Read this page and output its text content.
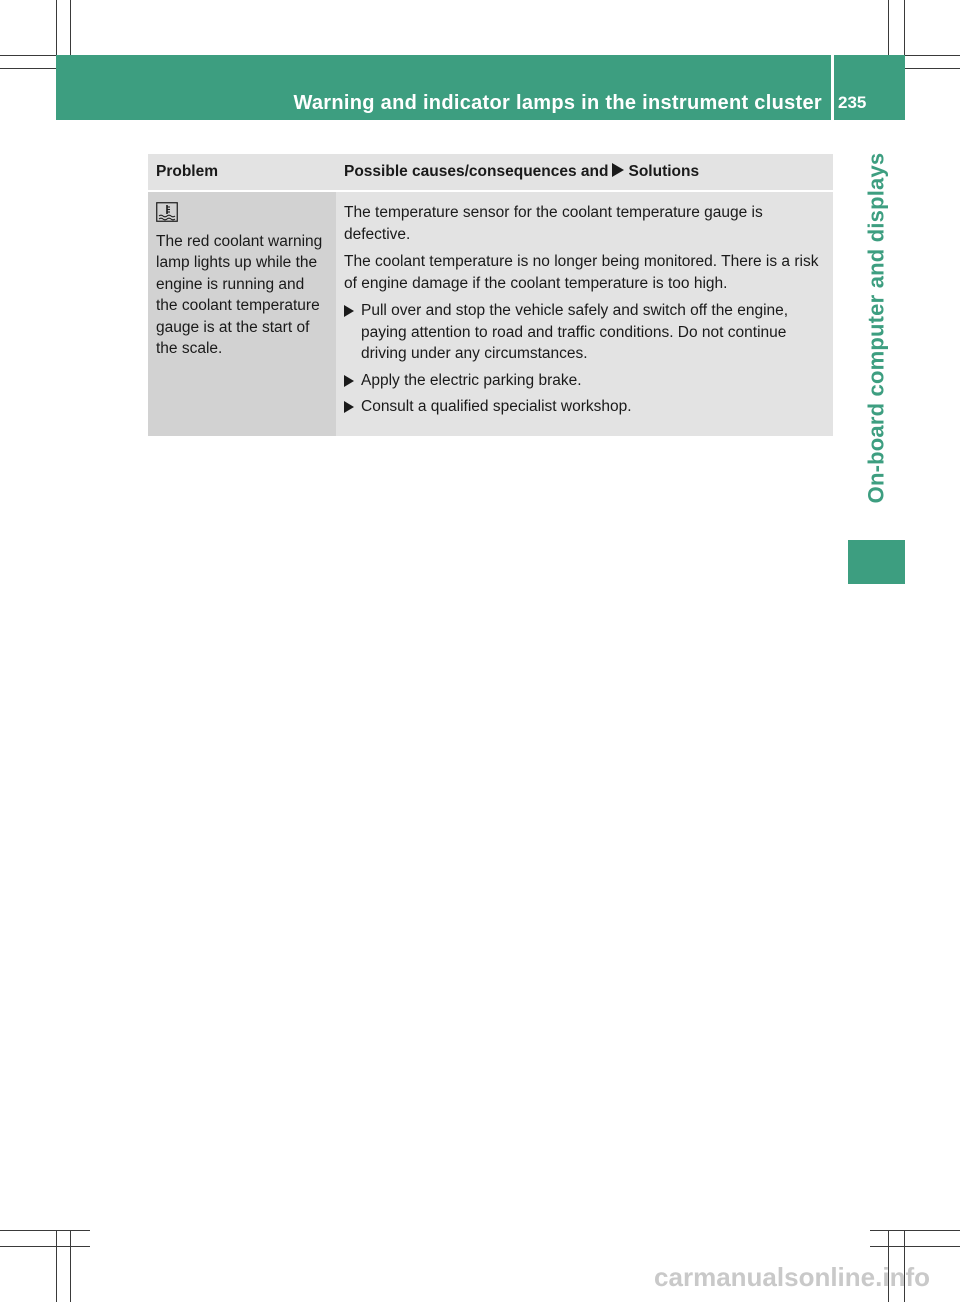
Warning and indicator lamps in the instrument cluster 235
On-board computer and displays
Problem	Possible causes/consequences and Solutions

The red coolant warning lamp lights up while the engine is running and the coolant temperature gauge is at the start of the scale.	The temperature sensor for the coolant temperature gauge is defective.

The coolant temperature is no longer being monitored. There is a risk of engine damage if the coolant temperature is too high.

Pull over and stop the vehicle safely and switch off the engine, paying attention to road and traffic conditions. Do not continue driving under any circumstances.
Apply the electric parking brake.
Consult a qualified specialist workshop.
carmanualsonline.info
